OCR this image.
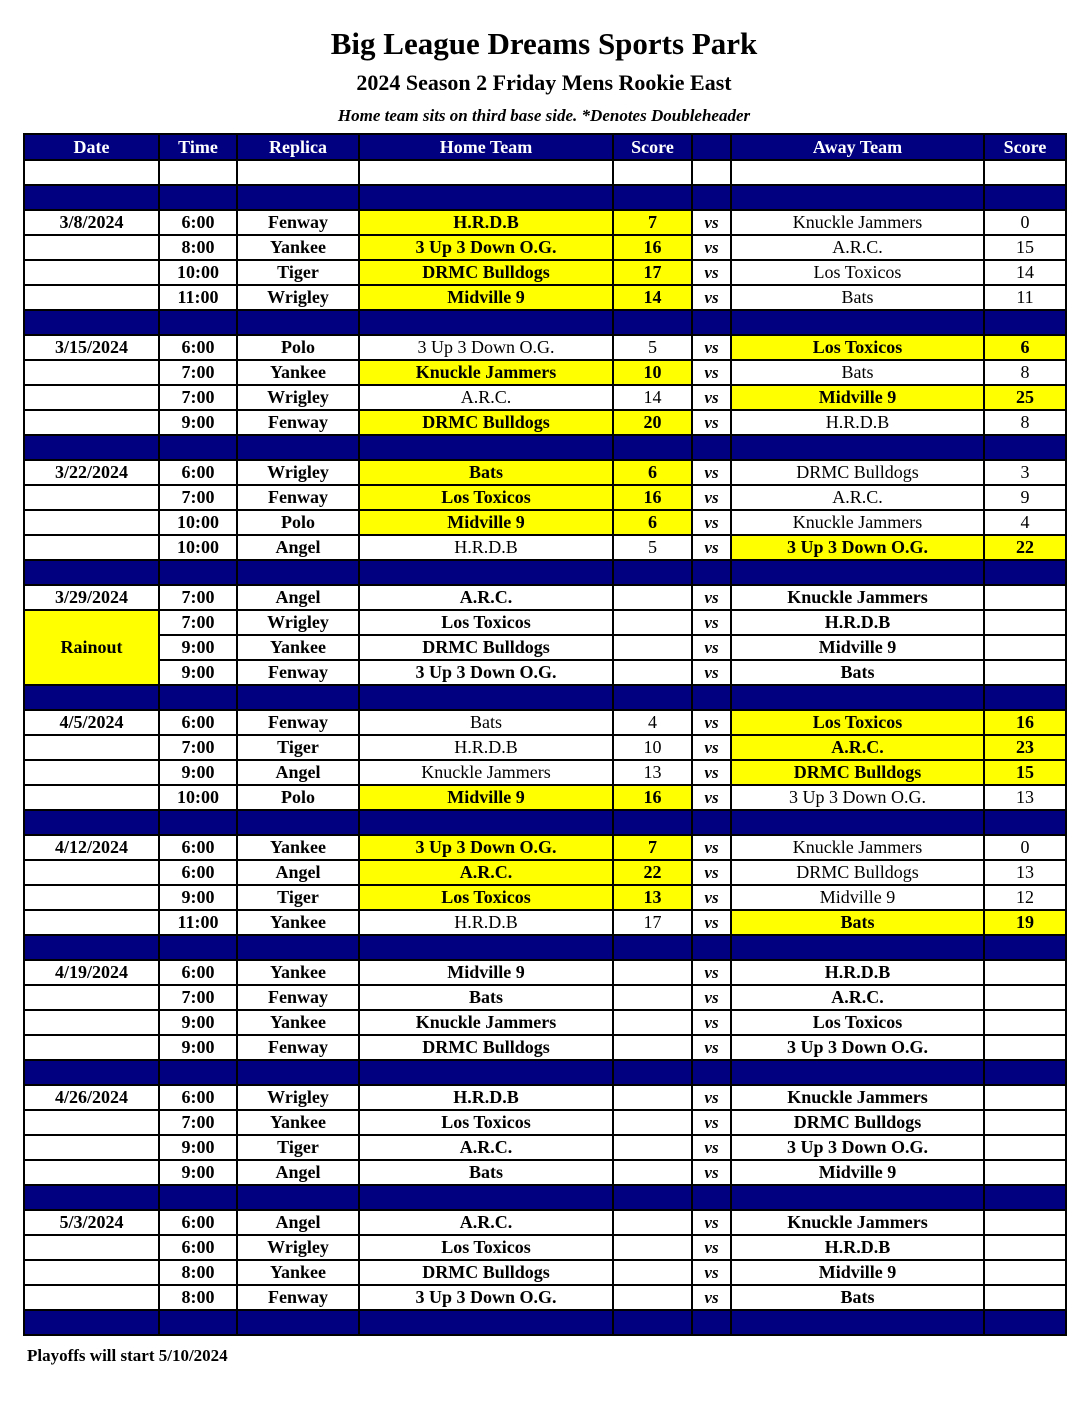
Big League Dreams Sports Park
2024 Season 2 Friday Mens Rookie East
Home team sits on third base side. *Denotes Doubleheader
Date	Time	Replica	Home Team	Score		Away Team	Score

3/8/2024	6:00	Fenway	H.R.D.B	7	vs	Knuckle Jammers	0
	8:00	Yankee	3 Up 3 Down O.G.	16	vs	A.R.C.	15
	10:00	Tiger	DRMC Bulldogs	17	vs	Los Toxicos	14
	11:00	Wrigley	Midville 9	14	vs	Bats	11

3/15/2024	6:00	Polo	3 Up 3 Down O.G.	5	vs	Los Toxicos	6
	7:00	Yankee	Knuckle Jammers	10	vs	Bats	8
	7:00	Wrigley	A.R.C.	14	vs	Midville 9	25
	9:00	Fenway	DRMC Bulldogs	20	vs	H.R.D.B	8

3/22/2024	6:00	Wrigley	Bats	6	vs	DRMC Bulldogs	3
	7:00	Fenway	Los Toxicos	16	vs	A.R.C.	9
	10:00	Polo	Midville 9	6	vs	Knuckle Jammers	4
	10:00	Angel	H.R.D.B	5	vs	3 Up 3 Down O.G.	22

3/29/2024	7:00	Angel	A.R.C.		vs	Knuckle Jammers	
Rainout	7:00	Wrigley	Los Toxicos		vs	H.R.D.B	
	9:00	Yankee	DRMC Bulldogs		vs	Midville 9	
	9:00	Fenway	3 Up 3 Down O.G.		vs	Bats	

4/5/2024	6:00	Fenway	Bats	4	vs	Los Toxicos	16
	7:00	Tiger	H.R.D.B	10	vs	A.R.C.	23
	9:00	Angel	Knuckle Jammers	13	vs	DRMC Bulldogs	15
	10:00	Polo	Midville 9	16	vs	3 Up 3 Down O.G.	13

4/12/2024	6:00	Yankee	3 Up 3 Down O.G.	7	vs	Knuckle Jammers	0
	6:00	Angel	A.R.C.	22	vs	DRMC Bulldogs	13
	9:00	Tiger	Los Toxicos	13	vs	Midville 9	12
	11:00	Yankee	H.R.D.B	17	vs	Bats	19

4/19/2024	6:00	Yankee	Midville 9		vs	H.R.D.B	
	7:00	Fenway	Bats		vs	A.R.C.	
	9:00	Yankee	Knuckle Jammers		vs	Los Toxicos	
	9:00	Fenway	DRMC Bulldogs		vs	3 Up 3 Down O.G.	

4/26/2024	6:00	Wrigley	H.R.D.B		vs	Knuckle Jammers	
	7:00	Yankee	Los Toxicos		vs	DRMC Bulldogs	
	9:00	Tiger	A.R.C.		vs	3 Up 3 Down O.G.	
	9:00	Angel	Bats		vs	Midville 9	

5/3/2024	6:00	Angel	A.R.C.		vs	Knuckle Jammers	
	6:00	Wrigley	Los Toxicos		vs	H.R.D.B	
	8:00	Yankee	DRMC Bulldogs		vs	Midville 9	
	8:00	Fenway	3 Up 3 Down O.G.		vs	Bats	

Playoffs will start 5/10/2024
